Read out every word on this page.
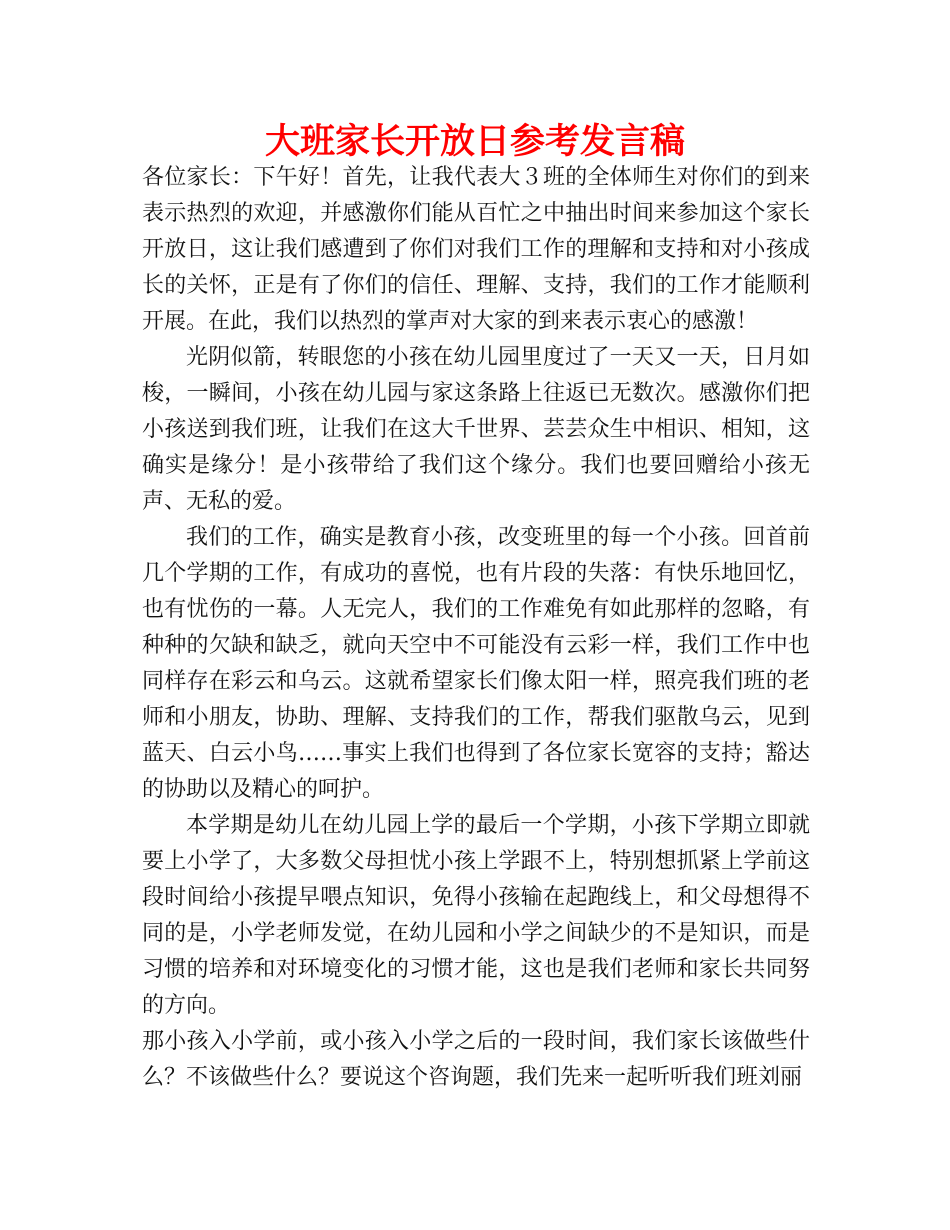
大班家长开放日参考发言稿

各位家长：下午好！首先，让我代表大３班的全体师生对你们的到来表示热烈的欢迎，并感激你们能从百忙之中抽出时间来参加这个家长开放日，这让我们感遭到了你们对我们工作的理解和支持和对小孩成长的关怀，正是有了你们的信任、理解、支持，我们的工作才能顺利开展。在此，我们以热烈的掌声对大家的到来表示衷心的感激！

光阴似箭，转眼您的小孩在幼儿园里度过了一天又一天，日月如梭，一瞬间，小孩在幼儿园与家这条路上往返已无数次。感激你们把小孩送到我们班，让我们在这大千世界、芸芸众生中相识、相知，这确实是缘分！是小孩带给了我们这个缘分。我们也要回赠给小孩无声、无私的爱。

我们的工作，确实是教育小孩，改变班里的每一个小孩。回首前几个学期的工作，有成功的喜悦，也有片段的失落：有快乐地回忆，也有忧伤的一幕。人无完人，我们的工作难免有如此那样的忽略，有种种的欠缺和缺乏，就向天空中不可能没有云彩一样，我们工作中也同样存在彩云和乌云。这就希望家长们像太阳一样，照亮我们班的老师和小朋友，协助、理解、支持我们的工作，帮我们驱散乌云，见到蓝天、白云小鸟……事实上我们也得到了各位家长宽容的支持；豁达的协助以及精心的呵护。

本学期是幼儿在幼儿园上学的最后一个学期，小孩下学期立即就要上小学了，大多数父母担忧小孩上学跟不上，特别想抓紧上学前这段时间给小孩提早喂点知识，免得小孩输在起跑线上，和父母想得不同的是，小学老师发觉，在幼儿园和小学之间缺少的不是知识，而是习惯的培养和对环境变化的习惯才能，这也是我们老师和家长共同努的方向。

那小孩入小学前，或小孩入小学之后的一段时间，我们家长该做些什么？不该做些什么？要说这个咨询题，我们先来一起听听我们班刘丽
